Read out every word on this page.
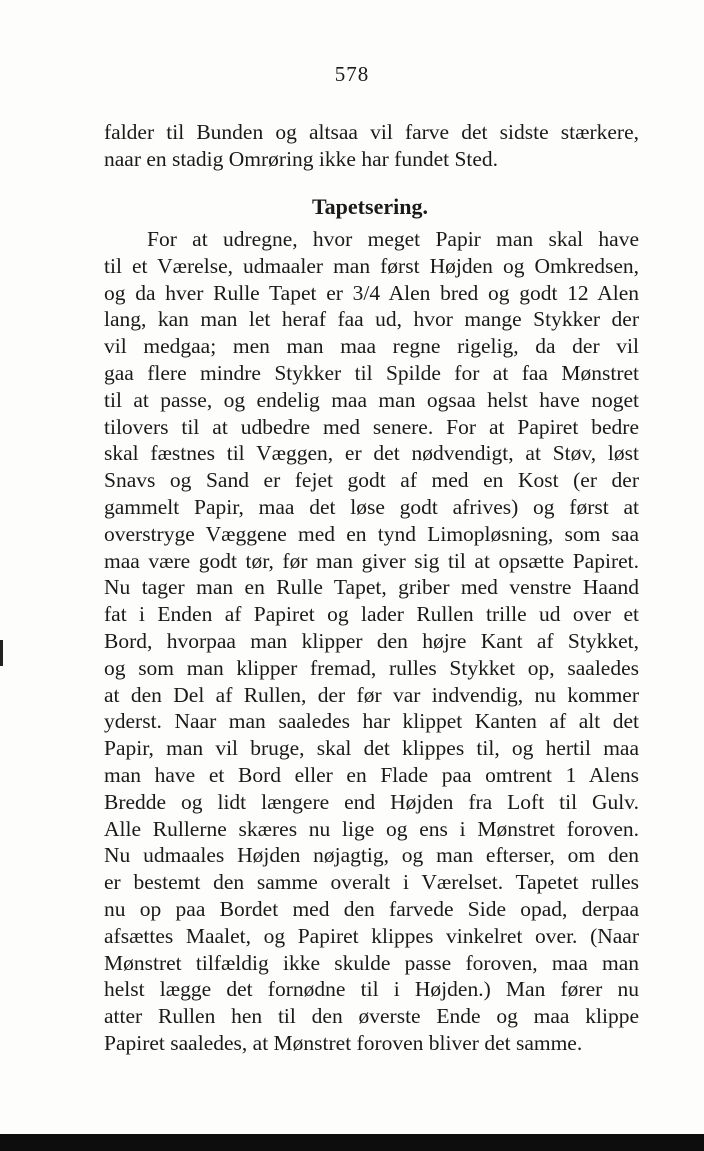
578
falder til Bunden og altsaa vil farve det sidste stærkere,
naar en stadig Omrøring ikke har fundet Sted.
Tapetsering.
For at udregne, hvor meget Papir man skal have
til et Værelse, udmaaler man først Højden og Omkredsen,
og da hver Rulle Tapet er 3/4 Alen bred og godt 12 Alen
lang, kan man let heraf faa ud, hvor mange Stykker der
vil medgaa; men man maa regne rigelig, da der vil
gaa flere mindre Stykker til Spilde for at faa Mønstret
til at passe, og endelig maa man ogsaa helst have noget
tilovers til at udbedre med senere. For at Papiret bedre
skal fæstnes til Væggen, er det nødvendigt, at Støv, løst
Snavs og Sand er fejet godt af med en Kost (er der
gammelt Papir, maa det løse godt afrives) og først at
overstryge Væggene med en tynd Limopløsning, som saa
maa være godt tør, før man giver sig til at opsætte Papiret.
Nu tager man en Rulle Tapet, griber med venstre Haand
fat i Enden af Papiret og lader Rullen trille ud over et
Bord, hvorpaa man klipper den højre Kant af Stykket,
og som man klipper fremad, rulles Stykket op, saaledes
at den Del af Rullen, der før var indvendig, nu kommer
yderst. Naar man saaledes har klippet Kanten af alt det
Papir, man vil bruge, skal det klippes til, og hertil maa
man have et Bord eller en Flade paa omtrent 1 Alens
Bredde og lidt længere end Højden fra Loft til Gulv.
Alle Rullerne skæres nu lige og ens i Mønstret foroven.
Nu udmaales Højden nøjagtig, og man efterser, om den
er bestemt den samme overalt i Værelset. Tapetet rulles
nu op paa Bordet med den farvede Side opad, derpaa
afsættes Maalet, og Papiret klippes vinkelret over. (Naar
Mønstret tilfældig ikke skulde passe foroven, maa man
helst lægge det fornødne til i Højden.) Man fører nu
atter Rullen hen til den øverste Ende og maa klippe
Papiret saaledes, at Mønstret foroven bliver det samme.
